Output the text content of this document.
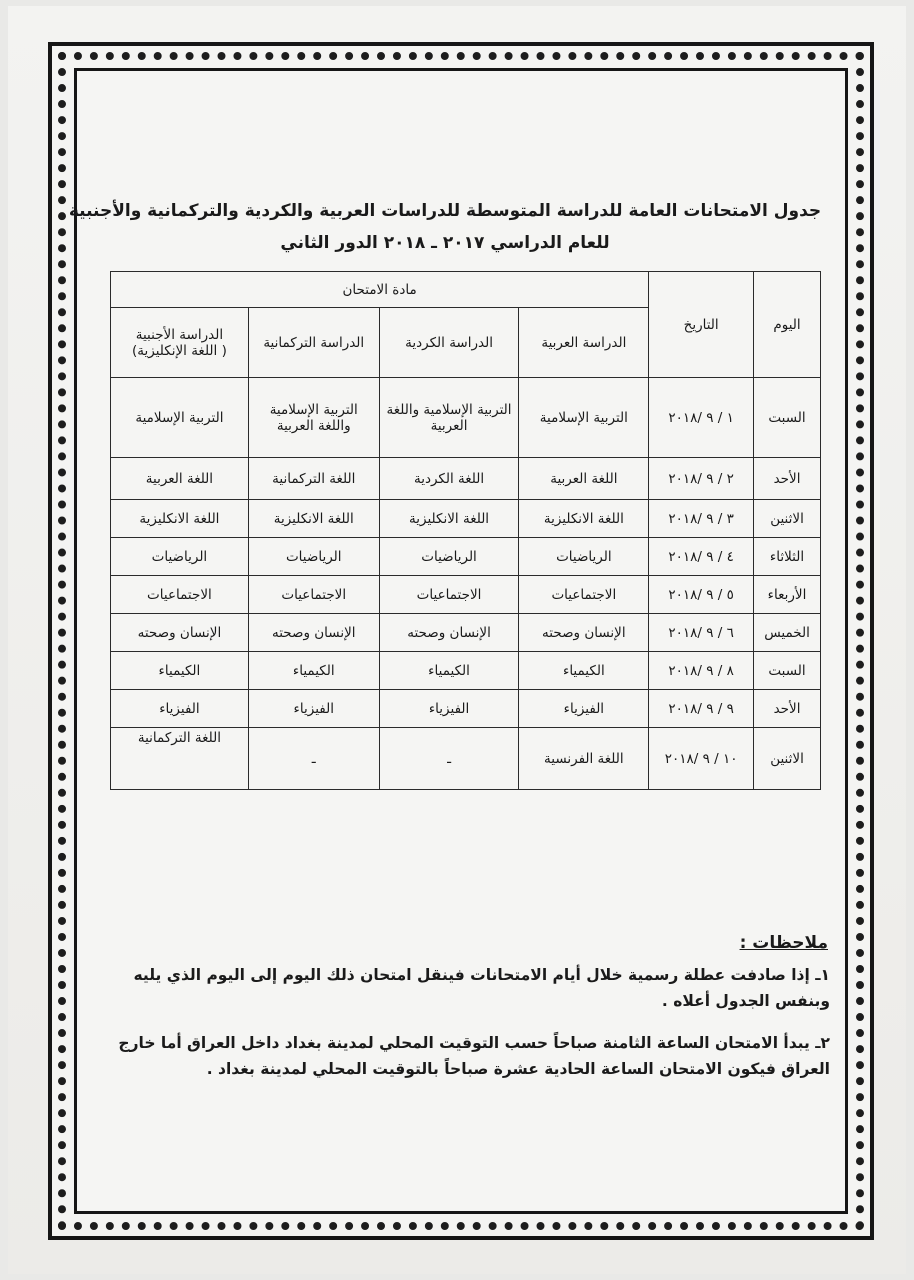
جدول الامتحانات العامة للدراسة المتوسطة للدراسات العربية والكردية والتركمانية والأجنبية
للعام الدراسي ٢٠١٧ ـ ٢٠١٨ الدور الثاني
اليوم	التاريخ	مادة الامتحان			
		الدراسة العربية	الدراسة الكردية	الدراسة التركمانية	الدراسة الأجنبية
( اللغة الإنكليزية)

السبت	١ / ٩ /٢٠١٨	التربية الإسلامية	التربية الإسلامية واللغة العربية	التربية الإسلامية واللغة العربية	التربية الإسلامية
الأحد	٢ / ٩ /٢٠١٨	اللغة العربية	اللغة الكردية	اللغة التركمانية	اللغة العربية
الاثنين	٣ / ٩ /٢٠١٨	اللغة الانكليزية	اللغة الانكليزية	اللغة الانكليزية	اللغة الانكليزية
الثلاثاء	٤ / ٩ /٢٠١٨	الرياضيات	الرياضيات	الرياضيات	الرياضيات
الأربعاء	٥ / ٩ /٢٠١٨	الاجتماعيات	الاجتماعيات	الاجتماعيات	الاجتماعيات
الخميس	٦ / ٩ /٢٠١٨	الإنسان وصحته	الإنسان وصحته	الإنسان وصحته	الإنسان وصحته
السبت	٨ / ٩ /٢٠١٨	الكيمياء	الكيمياء	الكيمياء	الكيمياء
الأحد	٩ / ٩ /٢٠١٨	الفيزياء	الفيزياء	الفيزياء	الفيزياء
الاثنين	١٠ / ٩ /٢٠١٨	اللغة الفرنسية	ـ	ـ	اللغة التركمانية
ملاحظات :
١ـ إذا صادفت عطلة رسمية خلال أيام الامتحانات فينقل امتحان ذلك اليوم إلى اليوم الذي يليه وبنفس الجدول أعلاه .
٢ـ يبدأ الامتحان الساعة الثامنة صباحاً حسب التوقيت المحلي لمدينة بغداد داخل العراق أما خارج العراق فيكون الامتحان الساعة الحادية عشرة صباحاً بالتوقيت المحلي لمدينة بغداد .
